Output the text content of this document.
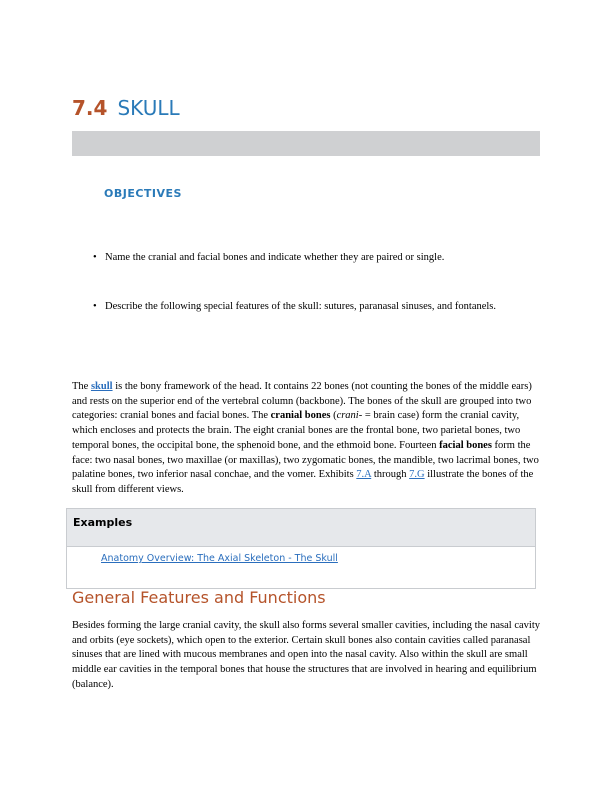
7.4 SKULL
OBJECTIVES
• Name the cranial and facial bones and indicate whether they are paired or single.
• Describe the following special features of the skull: sutures, paranasal sinuses, and fontanels.
The skull is the bony framework of the head. It contains 22 bones (not counting the bones of the middle ears) and rests on the superior end of the vertebral column (backbone). The bones of the skull are grouped into two categories: cranial bones and facial bones. The cranial bones (crani- = brain case) form the cranial cavity, which encloses and protects the brain. The eight cranial bones are the frontal bone, two parietal bones, two temporal bones, the occipital bone, the sphenoid bone, and the ethmoid bone. Fourteen facial bones form the face: two nasal bones, two maxillae (or maxillas), two zygomatic bones, the mandible, two lacrimal bones, two palatine bones, two inferior nasal conchae, and the vomer. Exhibits 7.A through 7.G illustrate the bones of the skull from different views.
Examples
Anatomy Overview: The Axial Skeleton - The Skull
General Features and Functions
Besides forming the large cranial cavity, the skull also forms several smaller cavities, including the nasal cavity and orbits (eye sockets), which open to the exterior. Certain skull bones also contain cavities called paranasal sinuses that are lined with mucous membranes and open into the nasal cavity. Also within the skull are small middle ear cavities in the temporal bones that house the structures that are involved in hearing and equilibrium (balance).
